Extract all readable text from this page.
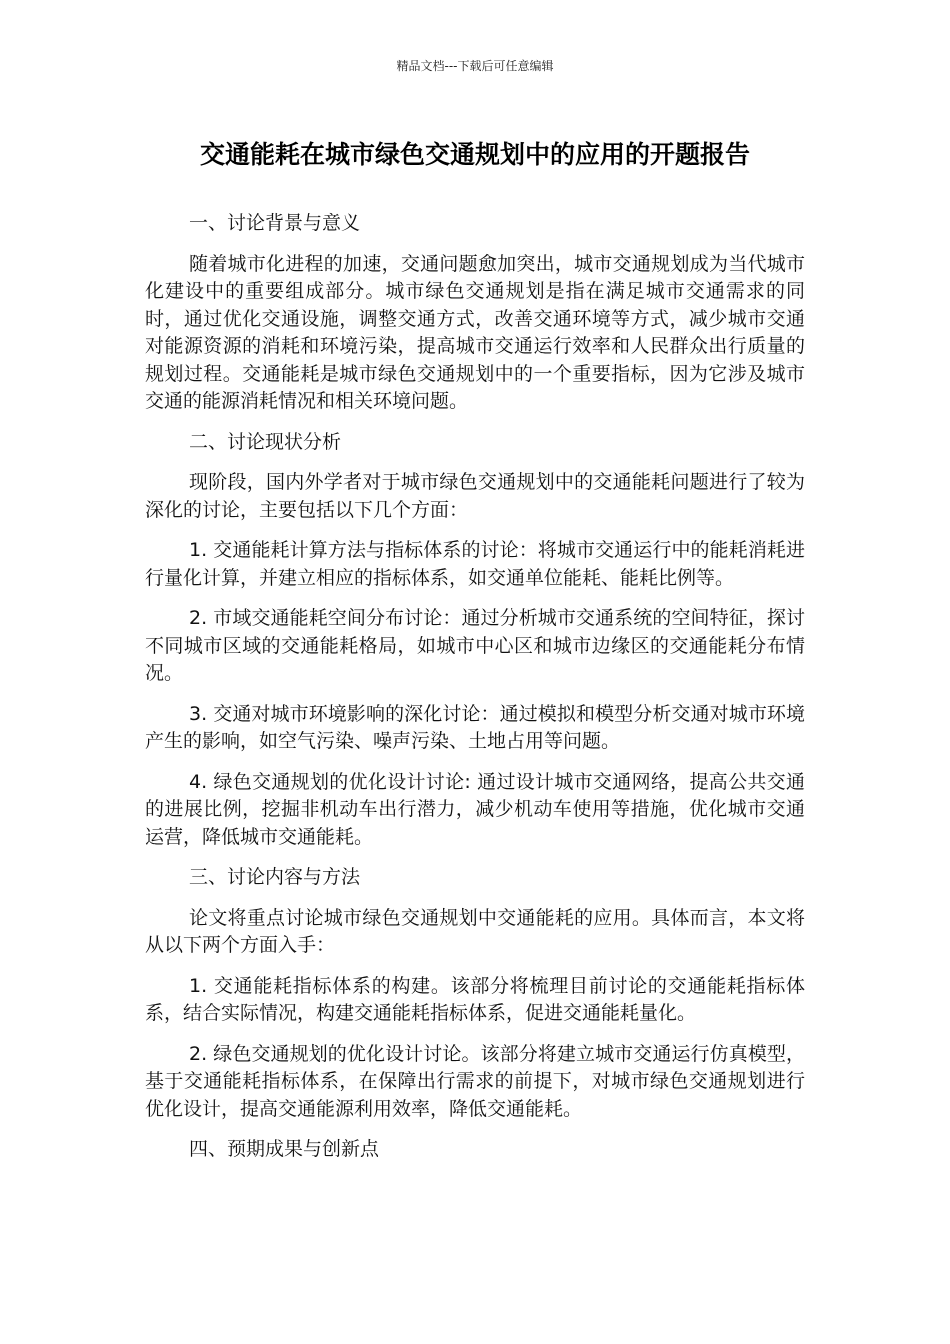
精品文档---下载后可任意编辑
交通能耗在城市绿色交通规划中的应用的开题报告

一、讨论背景与意义

随着城市化进程的加速，交通问题愈加突出，城市交通规划成为当代城市化建设中的重要组成部分。城市绿色交通规划是指在满足城市交通需求的同时，通过优化交通设施，调整交通方式，改善交通环境等方式，减少城市交通对能源资源的消耗和环境污染，提高城市交通运行效率和人民群众出行质量的规划过程。交通能耗是城市绿色交通规划中的一个重要指标，因为它涉及城市交通的能源消耗情况和相关环境问题。

二、讨论现状分析

现阶段，国内外学者对于城市绿色交通规划中的交通能耗问题进行了较为深化的讨论，主要包括以下几个方面：

1. 交通能耗计算方法与指标体系的讨论：将城市交通运行中的能耗消耗进行量化计算，并建立相应的指标体系，如交通单位能耗、能耗比例等。

2. 市域交通能耗空间分布讨论：通过分析城市交通系统的空间特征，探讨不同城市区域的交通能耗格局，如城市中心区和城市边缘区的交通能耗分布情况。

3. 交通对城市环境影响的深化讨论：通过模拟和模型分析交通对城市环境产生的影响，如空气污染、噪声污染、土地占用等问题。

4. 绿色交通规划的优化设计讨论: 通过设计城市交通网络，提高公共交通的进展比例，挖掘非机动车出行潜力，减少机动车使用等措施，优化城市交通运营，降低城市交通能耗。

三、讨论内容与方法

论文将重点讨论城市绿色交通规划中交通能耗的应用。具体而言，本文将从以下两个方面入手：

1. 交通能耗指标体系的构建。该部分将梳理目前讨论的交通能耗指标体系，结合实际情况，构建交通能耗指标体系，促进交通能耗量化。

2. 绿色交通规划的优化设计讨论。该部分将建立城市交通运行仿真模型，基于交通能耗指标体系，在保障出行需求的前提下，对城市绿色交通规划进行优化设计，提高交通能源利用效率，降低交通能耗。

四、预期成果与创新点
